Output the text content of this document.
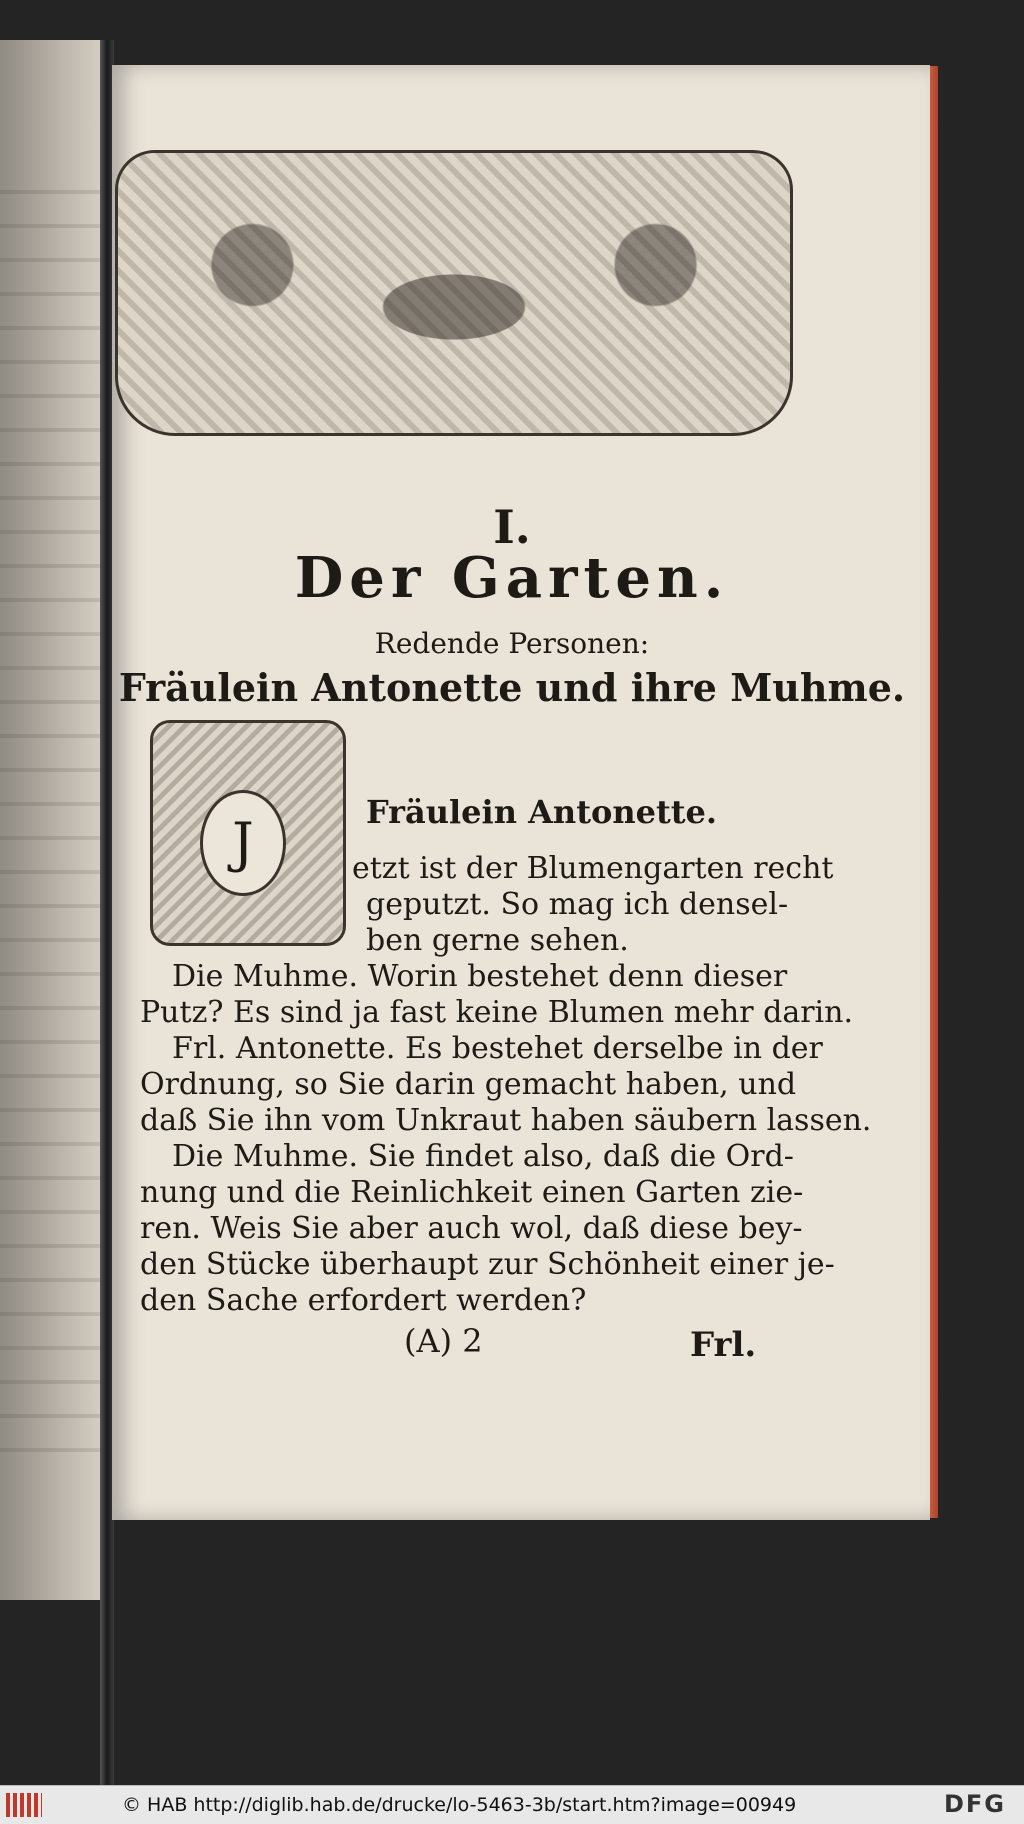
I.
Der Garten.
Redende Personen:
Fräulein Antonette und ihre Muhme.
J	Fräulein Antonette.
etzt ist der Blumengarten recht
geputzt. So mag ich densel-
ben gerne sehen.
Die Muhme. Worin bestehet denn dieser
Putz? Es sind ja fast keine Blumen mehr darin.
Frl. Antonette. Es bestehet derselbe in der
Ordnung, so Sie darin gemacht haben, und
daß Sie ihn vom Unkraut haben säubern lassen.
Die Muhme. Sie findet also, daß die Ord-
nung und die Reinlichkeit einen Garten zie-
ren. Weis Sie aber auch wol, daß diese bey-
den Stücke überhaupt zur Schönheit einer je-
den Sache erfordert werden?
(A) 2	Frl.
© HAB http://diglib.hab.de/drucke/lo-5463-3b/start.htm?image=00949	DFG
